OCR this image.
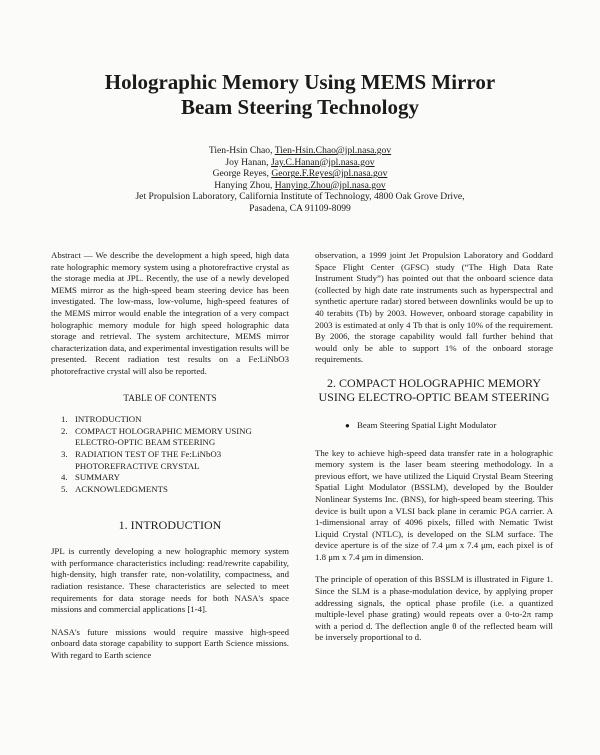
Holographic Memory Using MEMS Mirror
Beam Steering Technology
Tien-Hsin Chao, Tien-Hsin.Chao@jpl.nasa.gov
Joy Hanan, Jay.C.Hanan@jpl.nasa.gov
George Reyes, George.F.Reyes@jpl.nasa.gov
Hanying Zhou, Hanying.Zhou@jpl.nasa.gov
Jet Propulsion Laboratory, California Institute of Technology, 4800 Oak Grove Drive,
Pasadena, CA 91109-8099

Abstract — We describe the development a high speed, high data rate holographic memory system using a photorefractive crystal as the storage media at JPL. Recently, the use of a newly developed MEMS mirror as the high-speed beam steering device has been investigated. The low-mass, low-volume, high-speed features of the MEMS mirror would enable the integration of a very compact holographic memory module for high speed holographic data storage and retrieval. The system architecture, MEMS mirror characterization data, and experimental investigation results will be presented. Recent radiation test results on a Fe:LiNbO3 photorefractive crystal will also be reported.

TABLE OF CONTENTS
1. INTRODUCTION
2. COMPACT HOLOGRAPHIC MEMORY USING ELECTRO-OPTIC BEAM STEERING
3. RADIATION TEST OF THE Fe:LiNbO3 PHOTOREFRACTIVE CRYSTAL
4. SUMMARY
5. ACKNOWLEDGMENTS
1. INTRODUCTION

JPL is currently developing a new holographic memory system with performance characteristics including: read/rewrite capability, high-density, high transfer rate, non-volatility, compactness, and radiation resistance. These characteristics are selected to meet requirements for data storage needs for both NASA's space missions and commercial applications [1-4].

NASA's future missions would require massive high-speed onboard data storage capability to support Earth Science missions. With regard to Earth science

observation, a 1999 joint Jet Propulsion Laboratory and Goddard Space Flight Center (GFSC) study (“The High Data Rate Instrument Study”) has pointed out that the onboard science data (collected by high date rate instruments such as hyperspectral and synthetic aperture radar) stored between downlinks would be up to 40 terabits (Tb) by 2003. However, onboard storage capability in 2003 is estimated at only 4 Tb that is only 10% of the requirement. By 2006, the storage capability would fall further behind that would only be able to support 1% of the onboard storage requirements.

2. COMPACT HOLOGRAPHIC MEMORY
USING ELECTRO-OPTIC BEAM STEERING
● Beam Steering Spatial Light Modulator

The key to achieve high-speed data transfer rate in a holographic memory system is the laser beam steering methodology. In a previous effort, we have utilized the Liquid Crystal Beam Steering Spatial Light Modulator (BSSLM), developed by the Boulder Nonlinear Systems Inc. (BNS), for high-speed beam steering. This device is built upon a VLSI back plane in ceramic PGA carrier. A 1-dimensional array of 4096 pixels, filled with Nematic Twist Liquid Crystal (NTLC), is developed on the SLM surface. The device aperture is of the size of 7.4 μm x 7.4 μm, each pixel is of 1.8 μm x 7.4 μm in dimension.

The principle of operation of this BSSLM is illustrated in Figure 1. Since the SLM is a phase-modulation device, by applying proper addressing signals, the optical phase profile (i.e. a quantized multiple-level phase grating) would repeats over a 0-to-2π ramp with a period d. The deflection angle θ of the reflected beam will be inversely proportional to d.
